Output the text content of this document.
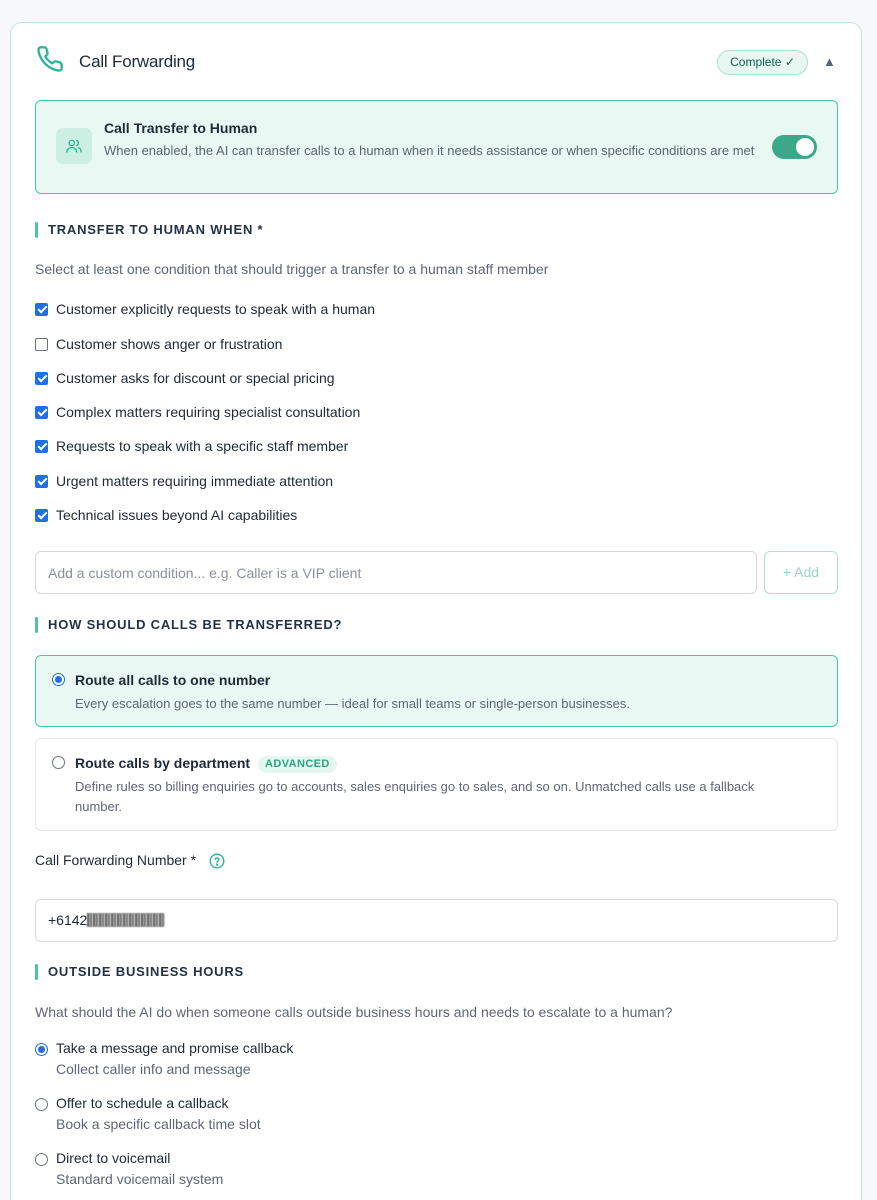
Call Forwarding	Complete ✓	▲
Call Transfer to Human
When enabled, the AI can transfer calls to a human when it needs assistance or when specific conditions are met
TRANSFER TO HUMAN WHEN *
Select at least one condition that should trigger a transfer to a human staff member
Customer explicitly requests to speak with a human
Customer shows anger or frustration
Customer asks for discount or special pricing
Complex matters requiring specialist consultation
Requests to speak with a specific staff member
Urgent matters requiring immediate attention
Technical issues beyond AI capabilities
Add a custom condition... e.g. Caller is a VIP client
+ Add
HOW SHOULD CALLS BE TRANSFERRED?
Route all calls to one number
Every escalation goes to the same number — ideal for small teams or single-person businesses.
Route calls by department ADVANCED
Define rules so billing enquiries go to accounts, sales enquiries go to sales, and so on. Unmatched calls use a fallback number.
Call Forwarding Number *
+6142
OUTSIDE BUSINESS HOURS
What should the AI do when someone calls outside business hours and needs to escalate to a human?
Take a message and promise callback
Collect caller info and message
Offer to schedule a callback
Book a specific callback time slot
Direct to voicemail
Standard voicemail system
